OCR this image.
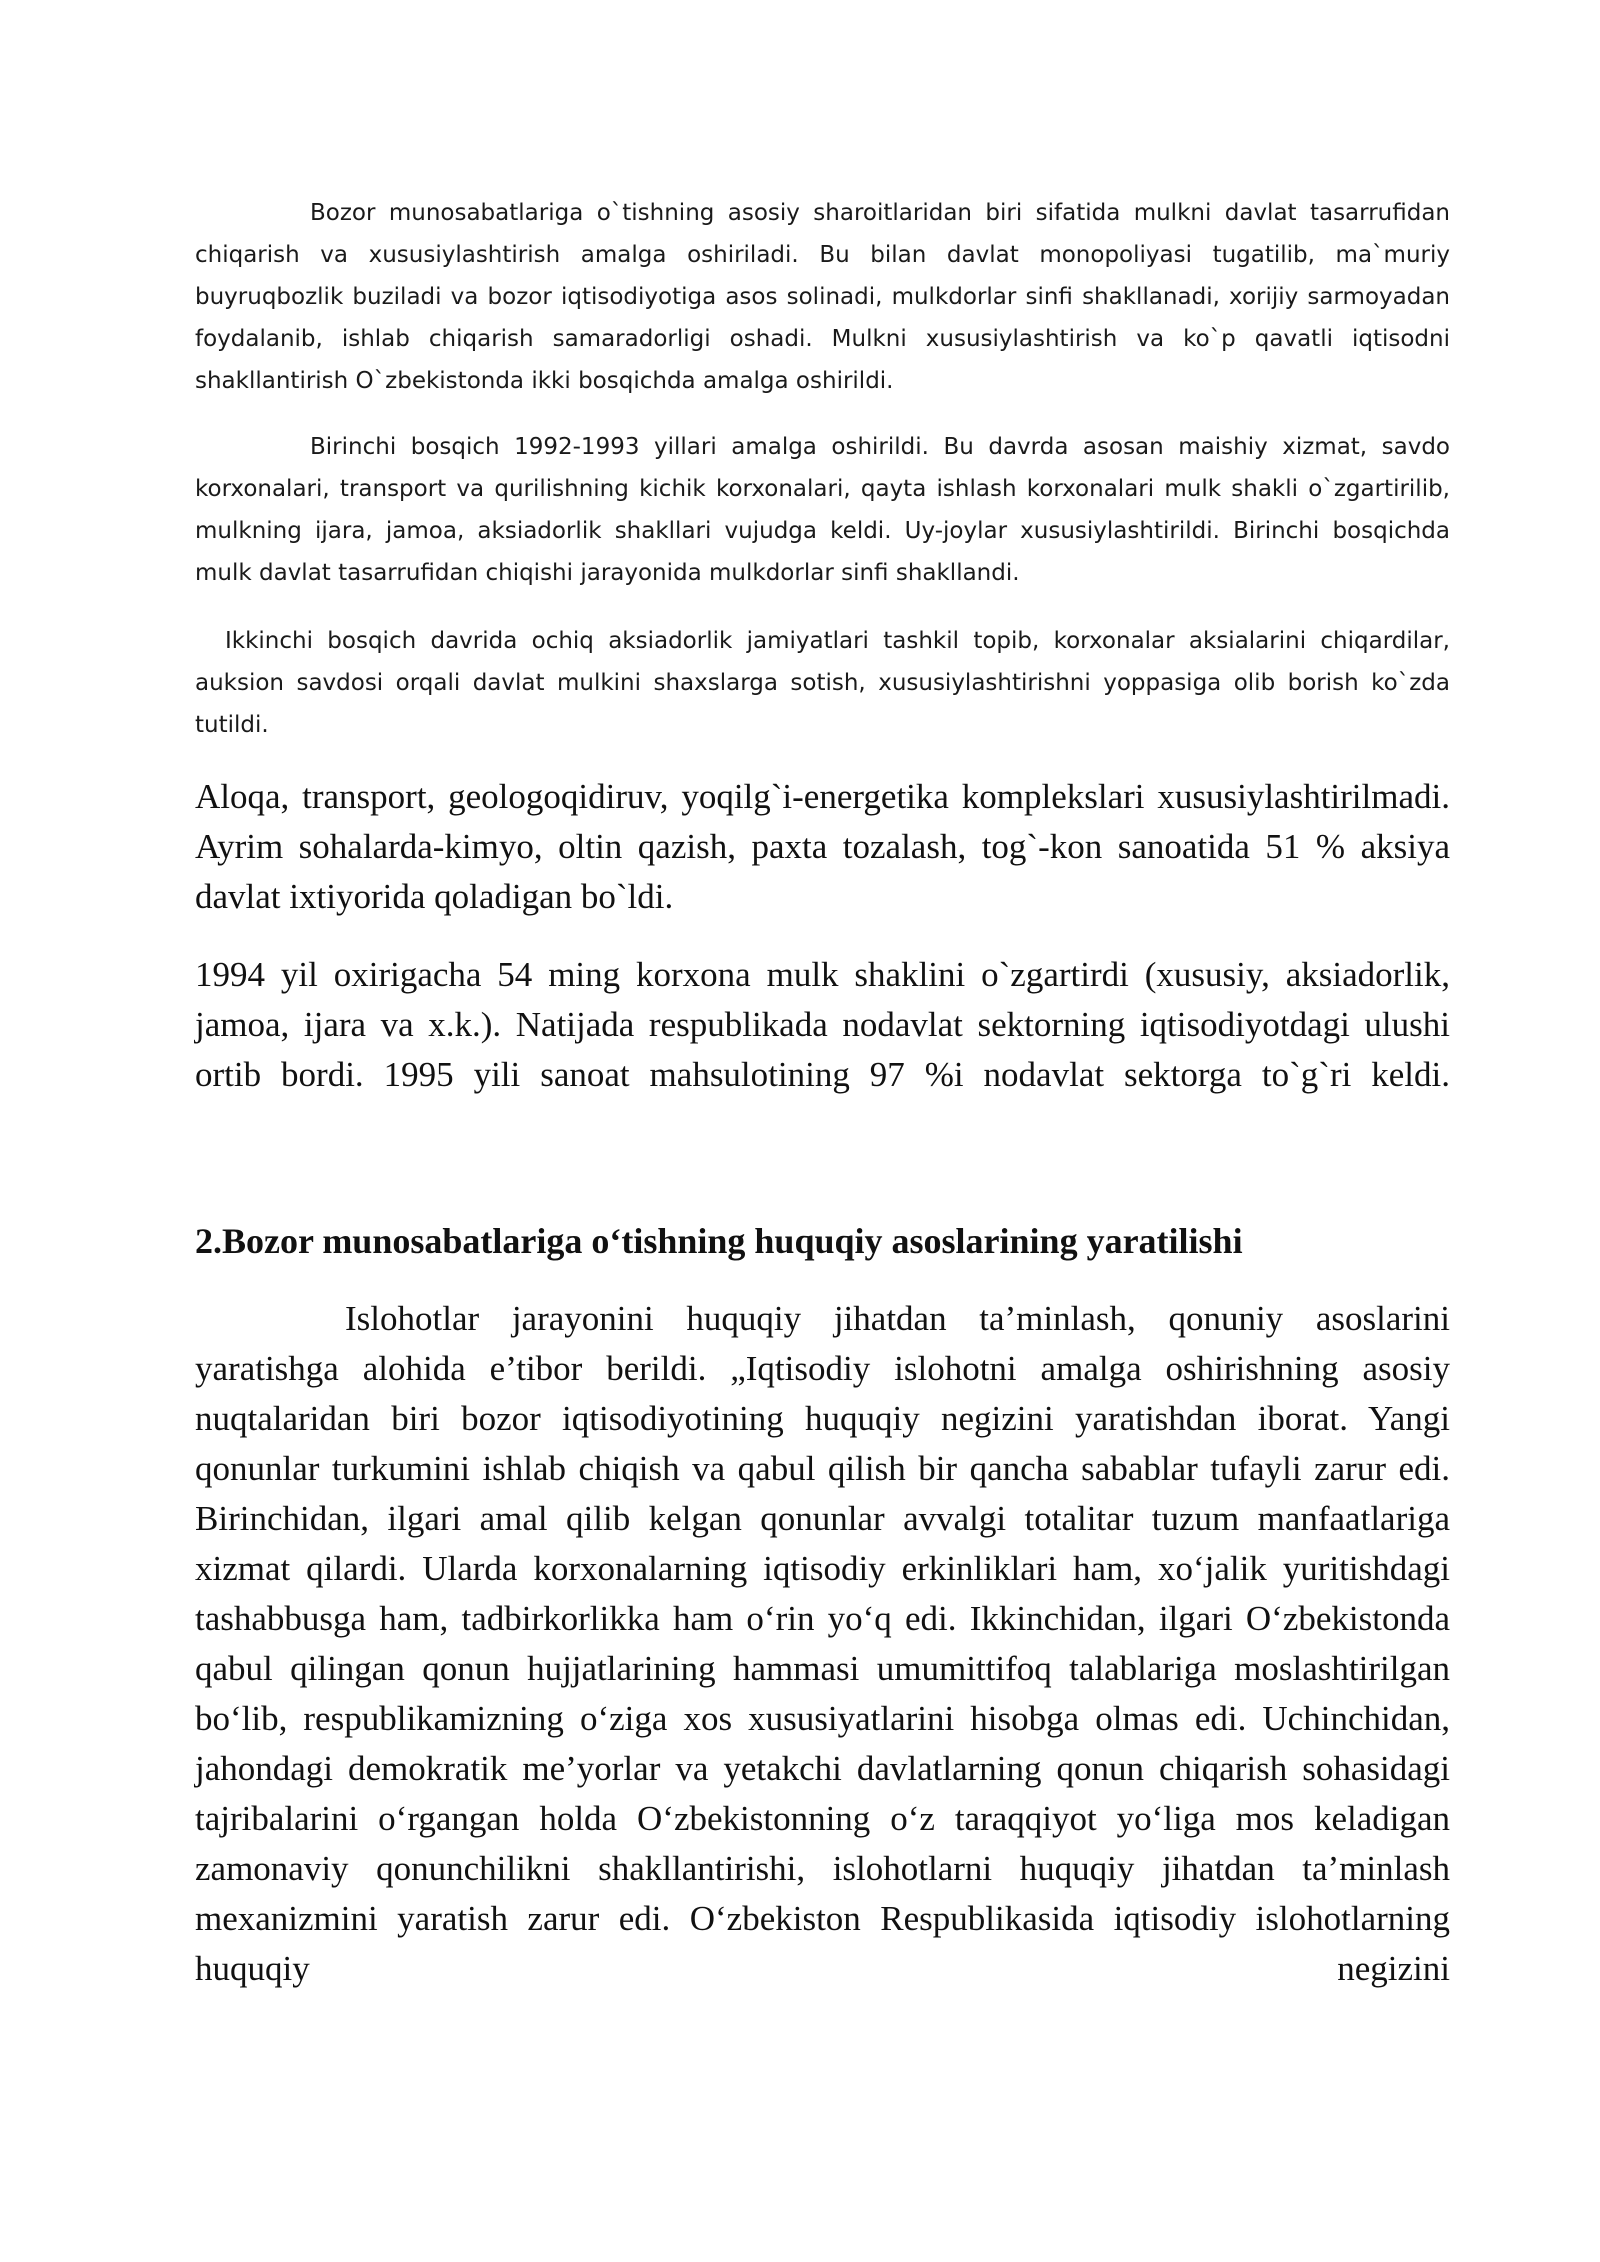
Bozor munosabatlariga o`tishning asosiy sharoitlaridan biri sifatida mulkni davlat tasarrufidan chiqarish va xususiylashtirish amalga oshiriladi. Bu bilan davlat monopoliyasi tugatilib, ma`muriy buyruqbozlik buziladi va bozor iqtisodiyotiga asos solinadi, mulkdorlar sinfi shakllanadi, xorijiy sarmoyadan foydalanib, ishlab chiqarish samaradorligi oshadi. Mulkni xususiylashtirish va ko`p qavatli iqtisodni shakllantirish O`zbekistonda ikki bosqichda amalga oshirildi.

Birinchi bosqich 1992-1993 yillari amalga oshirildi. Bu davrda asosan maishiy xizmat, savdo korxonalari, transport va qurilishning kichik korxonalari, qayta ishlash korxonalari mulk shakli o`zgartirilib, mulkning ijara, jamoa, aksiadorlik shakllari vujudga keldi. Uy-joylar xususiylashtirildi. Birinchi bosqichda mulk davlat tasarrufidan chiqishi jarayonida mulkdorlar sinfi shakllandi.

Ikkinchi bosqich davrida ochiq aksiadorlik jamiyatlari tashkil topib, korxonalar aksialarini chiqardilar, auksion savdosi orqali davlat mulkini shaxslarga sotish, xususiylashtirishni yoppasiga olib borish ko`zda tutildi.

Aloqa, transport, geologoqidiruv, yoqilg`i-energetika komplekslari xususiylashtirilmadi. Ayrim sohalarda-kimyo, oltin qazish, paxta tozalash, tog`-kon sanoatida 51 % aksiya davlat ixtiyorida qoladigan bo`ldi.

1994 yil oxirigacha 54 ming korxona mulk shaklini o`zgartirdi (xususiy, aksiadorlik, jamoa, ijara va x.k.). Natijada respublikada nodavlat sektorning iqtisodiyotdagi ulushi ortib bordi. 1995 yili sanoat mahsulotining 97 %i nodavlat sektorga to`g`ri keldi.

2.Bozor munosabatlariga o‘tishning huquqiy asoslarining yaratilishi

Islohotlar jarayonini huquqiy jihatdan ta’minlash, qonuniy asoslarini yaratishga alohida e’tibor berildi. „Iqtisodiy islohotni amalga oshirishning asosiy nuqtalaridan biri bozor iqtisodiyotining huquqiy negizini yaratishdan iborat. Yangi qonunlar turkumini ishlab chiqish va qabul qilish bir qancha sabablar tufayli zarur edi. Birinchidan, ilgari amal qilib kelgan qonunlar avvalgi totalitar tuzum manfaatlariga xizmat qilardi. Ularda korxonalarning iqtisodiy erkinliklari ham, xo‘jalik yuritishdagi tashabbusga ham, tadbirkorlikka ham o‘rin yo‘q edi. Ikkinchidan, ilgari O‘zbekistonda qabul qilingan qonun hujjatlarining hammasi umumittifoq talablariga moslashtirilgan bo‘lib, respublikamizning o‘ziga xos xususiyatlarini hisobga olmas edi. Uchinchidan, jahondagi demokratik me’yorlar va yetakchi davlatlarning qonun chiqarish sohasidagi tajribalarini o‘rgangan holda O‘zbekistonning o‘z taraqqiyot yo‘liga mos keladigan zamonaviy qonunchilikni shakllantirishi, islohotlarni huquqiy jihatdan ta’minlash mexanizmini yaratish zarur edi. O‘zbekiston Respublikasida iqtisodiy islohotlarning huquqiy negizini
